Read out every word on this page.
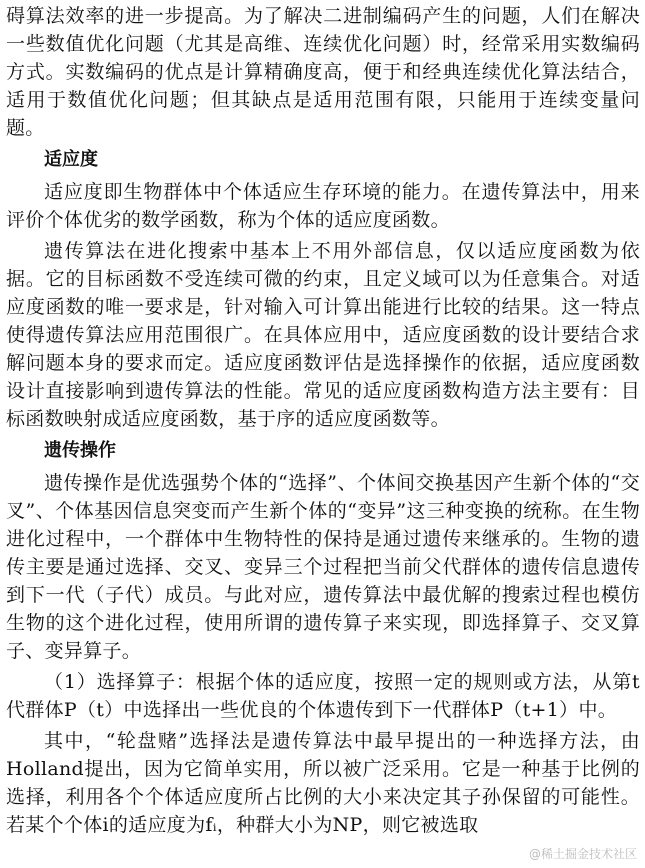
碍算法效率的进一步提高。为了解决二进制编码产生的问题，人们在解决一些数值优化问题（尤其是高维、连续优化问题）时，经常采用实数编码方式。实数编码的优点是计算精确度高，便于和经典连续优化算法结合，适用于数值优化问题；但其缺点是适用范围有限，只能用于连续变量问题。

适应度

适应度即生物群体中个体适应生存环境的能力。在遗传算法中，用来评价个体优劣的数学函数，称为个体的适应度函数。

遗传算法在进化搜索中基本上不用外部信息，仅以适应度函数为依据。它的目标函数不受连续可微的约束，且定义域可以为任意集合。对适应度函数的唯一要求是，针对输入可计算出能进行比较的结果。这一特点使得遗传算法应用范围很广。在具体应用中，适应度函数的设计要结合求解问题本身的要求而定。适应度函数评估是选择操作的依据，适应度函数设计直接影响到遗传算法的性能。常见的适应度函数构造方法主要有：目标函数映射成适应度函数，基于序的适应度函数等。

遗传操作

遗传操作是优选强势个体的“选择”、个体间交换基因产生新个体的“交叉”、个体基因信息突变而产生新个体的“变异”这三种变换的统称。在生物进化过程中，一个群体中生物特性的保持是通过遗传来继承的。生物的遗传主要是通过选择、交叉、变异三个过程把当前父代群体的遗传信息遗传到下一代（子代）成员。与此对应，遗传算法中最优解的搜索过程也模仿生物的这个进化过程，使用所谓的遗传算子来实现，即选择算子、交叉算子、变异算子。

（1）选择算子：根据个体的适应度，按照一定的规则或方法，从第t代群体P（t）中选择出一些优良的个体遗传到下一代群体P（t+1）中。

其中，“轮盘赌”选择法是遗传算法中最早提出的一种选择方法，由Holland提出，因为它简单实用，所以被广泛采用。它是一种基于比例的选择，利用各个个体适应度所占比例的大小来决定其子孙保留的可能性。若某个个体i的适应度为fᵢ，种群大小为NP，则它被选取

@稀土掘金技术社区
